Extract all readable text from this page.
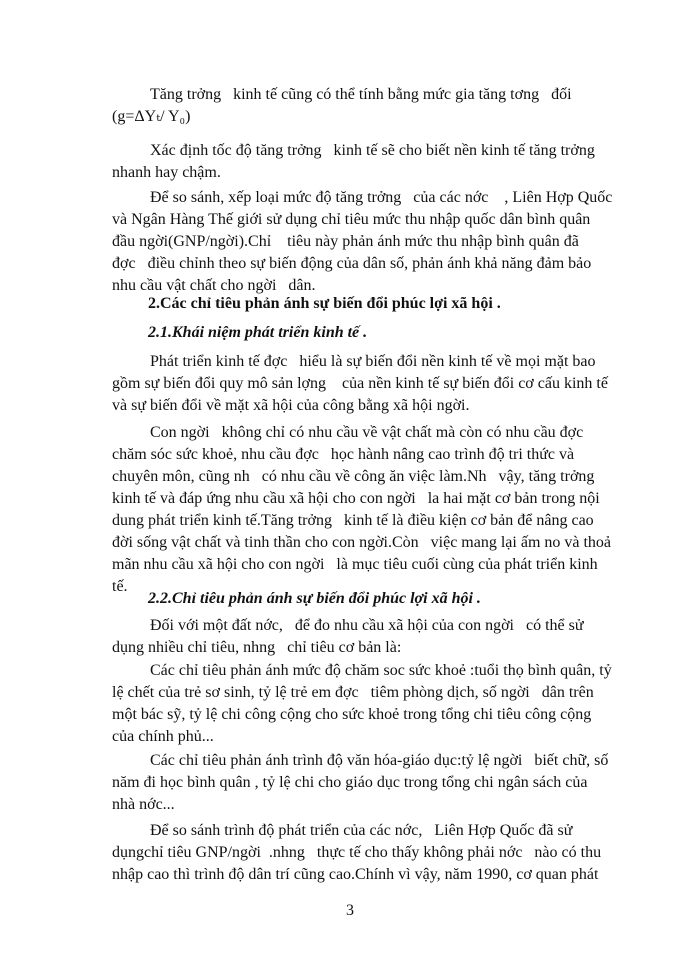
Tăng trởng   kinh tế cũng có thể tính bằng mức gia tăng tơng   đối
(g=ΔYₜ/ Y₀)
Xác định tốc độ tăng trởng   kinh tế sẽ cho biết nền kinh tế tăng trởng
nhanh hay chậm.
Để so sánh, xếp loại mức độ tăng trởng   của các nớc    , Liên Hợp Quốc
và Ngân Hàng Thế giới sử dụng chỉ tiêu mức thu nhập quốc dân bình quân
đầu ngời(GNP/ngời).Chỉ    tiêu này phản ánh mức thu nhập bình quân đã
đợc   điều chỉnh theo sự biến động của dân số, phản ánh khả năng đảm bảo
nhu cầu vật chất cho ngời   dân.
2.Các chỉ tiêu phản ánh sự biến đổi phúc lợi xã hội .
2.1.Khái niệm phát triển kinh tế .
Phát triển kinh tế đợc   hiểu là sự biến đổi nền kinh tế về mọi mặt bao
gồm sự biến đổi quy mô sản lợng    của nền kinh tế sự biến đổi cơ cấu kinh tế
và sự biến đổi về mặt xã hội của công bằng xã hội ngời.
Con ngời   không chỉ có nhu cầu về vật chất mà còn có nhu cầu đợc
chăm sóc sức khoẻ, nhu cầu đợc   học hành nâng cao trình độ tri thức và
chuyên môn, cũng nh   có nhu cầu về công ăn việc làm.Nh   vậy, tăng trởng
kinh tế và đáp ứng nhu cầu xã hội cho con ngời   la hai mặt cơ bản trong nội
dung phát triển kinh tế.Tăng trởng   kinh tế là điều kiện cơ bản để nâng cao
đời sống vật chất và tinh thần cho con ngời.Còn   việc mang lại ấm no và thoả
mãn nhu cầu xã hội cho con ngời   là mục tiêu cuối cùng của phát triển kinh
tế.
2.2.Chỉ tiêu phản ánh sự biến đổi phúc lợi xã hội .
Đối với một đất nớc,   để đo nhu cầu xã hội của con ngời   có thể sử
dụng nhiều chỉ tiêu, nhng   chỉ tiêu cơ bản là:
Các chỉ tiêu phản ánh mức độ chăm soc sức khoẻ :tuổi thọ bình quân, tỷ
lệ chết của trẻ sơ sinh, tỷ lệ trẻ em đợc   tiêm phòng dịch, số ngời   dân trên
một bác sỹ, tỷ lệ chi công cộng cho sức khoẻ trong tổng chi tiêu công cộng
của chính phủ...
Các chỉ tiêu phản ánh trình độ văn hóa-giáo dục:tỷ lệ ngời   biết chữ, số
năm đi học bình quân , tỷ lệ chi cho giáo dục trong tổng chi ngân sách của
nhà nớc...
Để so sánh trình độ phát triển của các nớc,   Liên Hợp Quốc đã sử
dụngchỉ tiêu GNP/ngời  .nhng   thực tế cho thấy không phải nớc   nào có thu
nhập cao thì trình độ dân trí cũng cao.Chính vì vậy, năm 1990, cơ quan phát
3
